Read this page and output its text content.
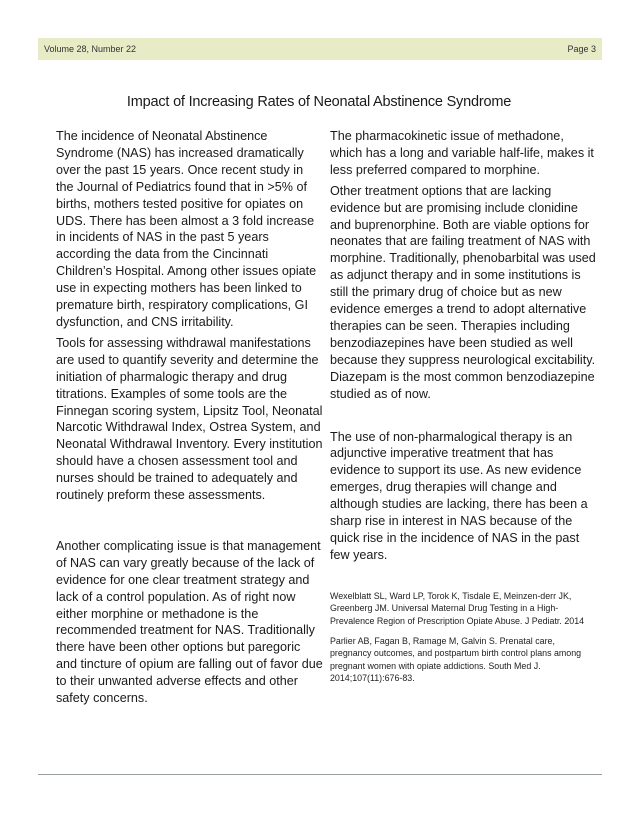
Volume 28, Number 22	Page 3
Impact of Increasing Rates of Neonatal Abstinence Syndrome

The incidence of Neonatal Abstinence Syndrome (NAS) has increased dramatically over the past 15 years. Once recent study in the Journal of Pediatrics found that in >5% of births, mothers tested positive for opiates on UDS. There has been almost a 3 fold increase in incidents of NAS in the past 5 years according the data from the Cincinnati Children’s Hospital. Among other issues opiate use in expecting mothers has been linked to premature birth, respiratory complications, GI dysfunction, and CNS irritability.

Tools for assessing withdrawal manifestations are used to quantify severity and determine the initiation of pharmalogic therapy and drug titrations. Examples of some tools are the Finnegan scoring system, Lipsitz Tool, Neonatal Narcotic Withdrawal Index, Ostrea System, and Neonatal Withdrawal Inventory. Every institution should have a chosen assessment tool and nurses should be trained to adequately and routinely preform these assessments.

Another complicating issue is that management of NAS can vary greatly because of the lack of evidence for one clear treatment strategy and lack of a control population. As of right now either morphine or methadone is the recommended treatment for NAS. Traditionally there have been other options but paregoric and tincture of opium are falling out of favor due to their unwanted adverse effects and other safety concerns.

The pharmacokinetic issue of methadone, which has a long and variable half-life, makes it less preferred compared to morphine.

Other treatment options that are lacking evidence but are promising include clonidine and buprenorphine. Both are viable options for neonates that are failing treatment of NAS with morphine. Traditionally, phenobarbital was used as adjunct therapy and in some institutions is still the primary drug of choice but as new evidence emerges a trend to adopt alternative therapies can be seen. Therapies including benzodiazepines have been studied as well because they suppress neurological excitability. Diazepam is the most common benzodiazepine studied as of now.

The use of non-pharmalogical therapy is an adjunctive imperative treatment that has evidence to support its use. As new evidence emerges, drug therapies will change and although studies are lacking, there has been a sharp rise in interest in NAS because of the quick rise in the incidence of NAS in the past few years.

Wexelblatt SL, Ward LP, Torok K, Tisdale E, Meinzen-derr JK, Greenberg JM. Universal Maternal Drug Testing in a High-Prevalence Region of Prescription Opiate Abuse. J Pediatr. 2014

Parlier AB, Fagan B, Ramage M, Galvin S. Prenatal care, pregnancy outcomes, and postpartum birth control plans among pregnant women with opiate addictions. South Med J. 2014;107(11):676-83.
